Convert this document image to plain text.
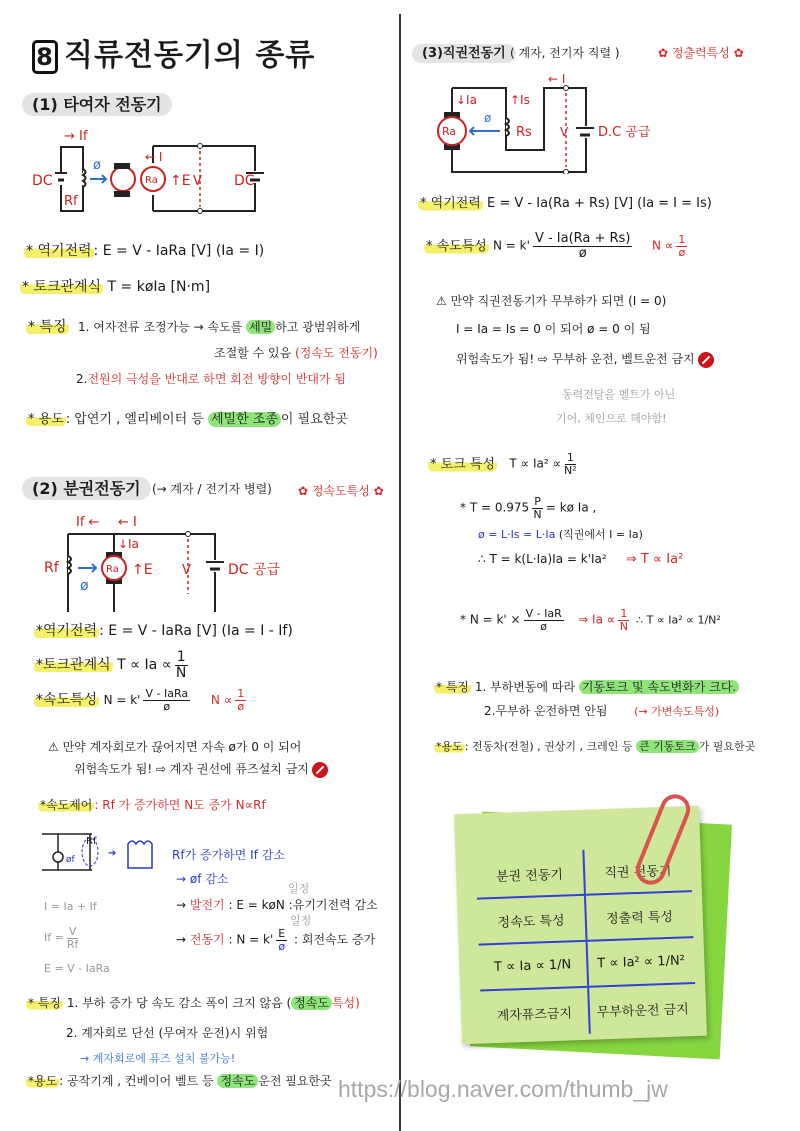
8 직류전동기의 종류
(1) 타여자 전동기
→ If
ø
DC
Rf
Ra
← I
↑E V DC
* 역기전력 : E = V - IaRa [V] (Ia = I)
* 토크관계식 T = køIa [N·m]
* 특징 1. 여자전류 조정가능 → 속도를 세밀 하고 광범위하게
조절할 수 있음 (정속도 전동기)
2.전원의 극성을 반대로 하면 회전 방향이 반대가 됨
* 용도 : 압연기 , 엘리베이터 등 세밀한 조종 이 필요한곳
(2) 분권전동기 (→ 계자 / 전기자 병렬) ✿ 정속도특성 ✿
If ← ← I
↓Ia
Rf
ø
Ra ↑E V	DC 공급
*역기전력 : E = V - IaRa [V] (Ia = I - If)
*토크관계식 $T \propto Ia \propto \frac{1}{N}$
*속도특성 $N = k' \frac{\text{V - IaRa}}{ø}$ $N \propto \frac{1}{ø}$
⚠ 만약 계자회로가 끊어지면 자속 ø가 0 이 되어
위험속도가 됨! ⇨ 계자 권선에 퓨즈설치 금지
*속도제어 : Rf 가 증가하면 N도 증가 N∝Rf
Rf
øf
➔
I = Ia + If
$If = \frac{V}{Rf}$
E = V - IaRa
Rf가 증가하면 If 감소
→ øf 감소
일정
→ 발전기 : E = køN :유기기전력 감소
일정
→ 전동기 : $N = k' \frac{E}{ø}$ : 회전속도 증가
* 특징 1. 부하 증가 당 속도 감소 폭이 크지 않음 ( 정속도 특성)
2. 계자회로 단선 (무여자 운전)시 위험
→ 계자회로에 퓨즈 설치 불가능!
*용도 : 공작기계 , 컨베이어 벨트 등 정속도 운전 필요한곳
(3)직권전동기 ( 계자, 전기자 직렬 )	✿ 정출력특성 ✿
← I
↓Ia	↑Is
ø
Ra	Rs V D.C 공급
* 역기전력 E = V - Ia(Ra + Rs) [V] (Ia = I = Is)
* 속도특성 $N = k' \frac{V - Ia(Ra + Rs)}{ø}$ $N \propto \frac{1}{ø}$
⚠ 만약 직권전동기가 무부하가 되면 (I = 0)
I = Ia = Is = 0 이 되어 ø = 0 이 됨
위험속도가 됨! ⇨ 무부하 운전, 벨트운전 금지
동력전달을 벨트가 아닌
기어, 체인으로 해야함!
* 토크 특성 $T \propto Ia^2 \propto \frac{1}{\text{N²}}$
* $T = 0.975 \frac{P}{N}$ = kø Ia ,
ø = L·Is = L·Ia (직권에서 I = Ia)
∴ T = k(L·Ia)Ia = k'Ia² ⇒ T ∝ Ia²
* $N = k' \times \frac{\text{V - IaR}}{ø}$ ⇒ $Ia \propto \frac{1}{N}$ ∴ T ∝ Ia² ∝ 1/N²
* 특징 1. 부하변동에 따라 기동토크 및 속도변화가 크다.
2.무부하 운전하면 안됨 (→ 가변속도특성)
*용도 : 전동차(전철) , 권상기 , 크레인 등 큰 기동토크 가 필요한곳
분권 전동기	직권 전동기
정속도 특성	정출력 특성
T ∝ Ia ∝ 1/N	T ∝ Ia² ∝ 1/N²
계자퓨즈금지	무부하운전 금지
https://blog.naver.com/thumb_jw
